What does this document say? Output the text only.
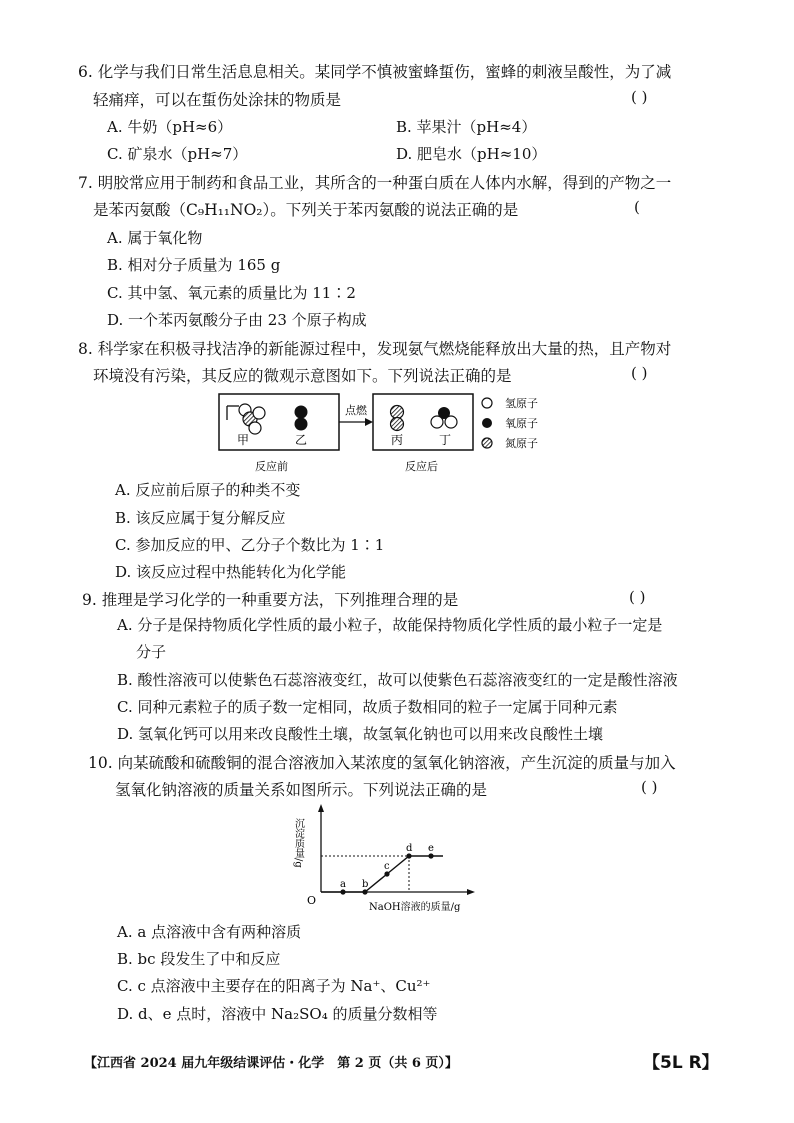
6. 化学与我们日常生活息息相关。某同学不慎被蜜蜂蜇伤，蜜蜂的刺液呈酸性，为了减
轻痛痒，可以在蜇伤处涂抹的物质是	( )
A. 牛奶（pH≈6）	B. 苹果汁（pH≈4）
C. 矿泉水（pH≈7）	D. 肥皂水（pH≈10）
7. 明胶常应用于制药和食品工业，其所含的一种蛋白质在人体内水解，得到的产物之一
是苯丙氨酸（C₉H₁₁NO₂）。下列关于苯丙氨酸的说法正确的是	(
A. 属于氧化物
B. 相对分子质量为 165 g
C. 其中氢、氧元素的质量比为 11∶2
D. 一个苯丙氨酸分子由 23 个原子构成
8. 科学家在积极寻找洁净的新能源过程中，发现氨气燃烧能释放出大量的热，且产物对
环境没有污染，其反应的微观示意图如下。下列说法正确的是	( )
甲	乙
点燃
丙	丁
反应前	反应后
氢原子
氧原子
氮原子
A. 反应前后原子的种类不变
B. 该反应属于复分解反应
C. 参加反应的甲、乙分子个数比为 1∶1
D. 该反应过程中热能转化为化学能
9. 推理是学习化学的一种重要方法，下列推理合理的是	( )
A. 分子是保持物质化学性质的最小粒子，故能保持物质化学性质的最小粒子一定是
分子
B. 酸性溶液可以使紫色石蕊溶液变红，故可以使紫色石蕊溶液变红的一定是酸性溶液
C. 同种元素粒子的质子数一定相同，故质子数相同的粒子一定属于同种元素
D. 氢氧化钙可以用来改良酸性土壤，故氢氧化钠也可以用来改良酸性土壤
10. 向某硫酸和硫酸铜的混合溶液加入某浓度的氢氧化钠溶液，产生沉淀的质量与加入
氢氧化钠溶液的质量关系如图所示。下列说法正确的是	( )
O
NaOH溶液的质量/g
沉淀质量/g
a b
c
d e
A. a 点溶液中含有两种溶质
B. bc 段发生了中和反应
C. c 点溶液中主要存在的阳离子为 Na⁺、Cu²⁺
D. d、e 点时，溶液中 Na₂SO₄ 的质量分数相等
【江西省 2024 届九年级结课评估・化学　第 2 页（共 6 页）】	【5L R】
